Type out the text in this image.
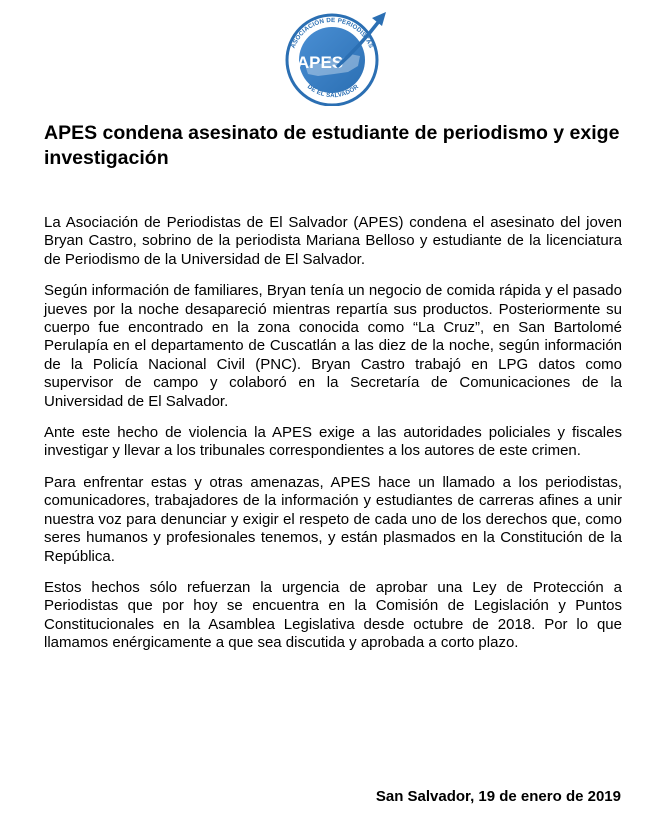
ASOCIACIÓN DE PERIODISTAS
DE EL SALVADOR
APES
APES condena asesinato de estudiante de periodismo y exige investigación

La Asociación de Periodistas de El Salvador (APES) condena el asesinato del joven Bryan Castro, sobrino de la periodista Mariana Belloso y estudiante de la licenciatura de Periodismo de la Universidad de El Salvador.

Según información de familiares, Bryan tenía un negocio de comida rápida y el pasado jueves por la noche desapareció mientras repartía sus productos. Posteriormente su cuerpo fue encontrado en la zona conocida como “La Cruz”, en San Bartolomé Perulapía en el departamento de Cuscatlán a las diez de la noche, según información de la Policía Nacional Civil (PNC). Bryan Castro trabajó en LPG datos como supervisor de campo y colaboró en la Secretaría de Comunicaciones de la Universidad de El Salvador.

Ante este hecho de violencia la APES exige a las autoridades policiales y fiscales investigar y llevar a los tribunales correspondientes a los autores de este crimen.

Para enfrentar estas y otras amenazas, APES hace un llamado a los periodistas, comunicadores, trabajadores de la información y estudiantes de carreras afines a unir nuestra voz para denunciar y exigir el respeto de cada uno de los derechos que, como seres humanos y profesionales tenemos, y están plasmados en la Constitución de la República.

Estos hechos sólo refuerzan la urgencia de aprobar una Ley de Protección a Periodistas que por hoy se encuentra en la Comisión de Legislación y Puntos Constitucionales en la Asamblea Legislativa desde octubre de 2018. Por lo que llamamos enérgicamente a que sea discutida y aprobada a corto plazo.

San Salvador, 19 de enero de 2019
